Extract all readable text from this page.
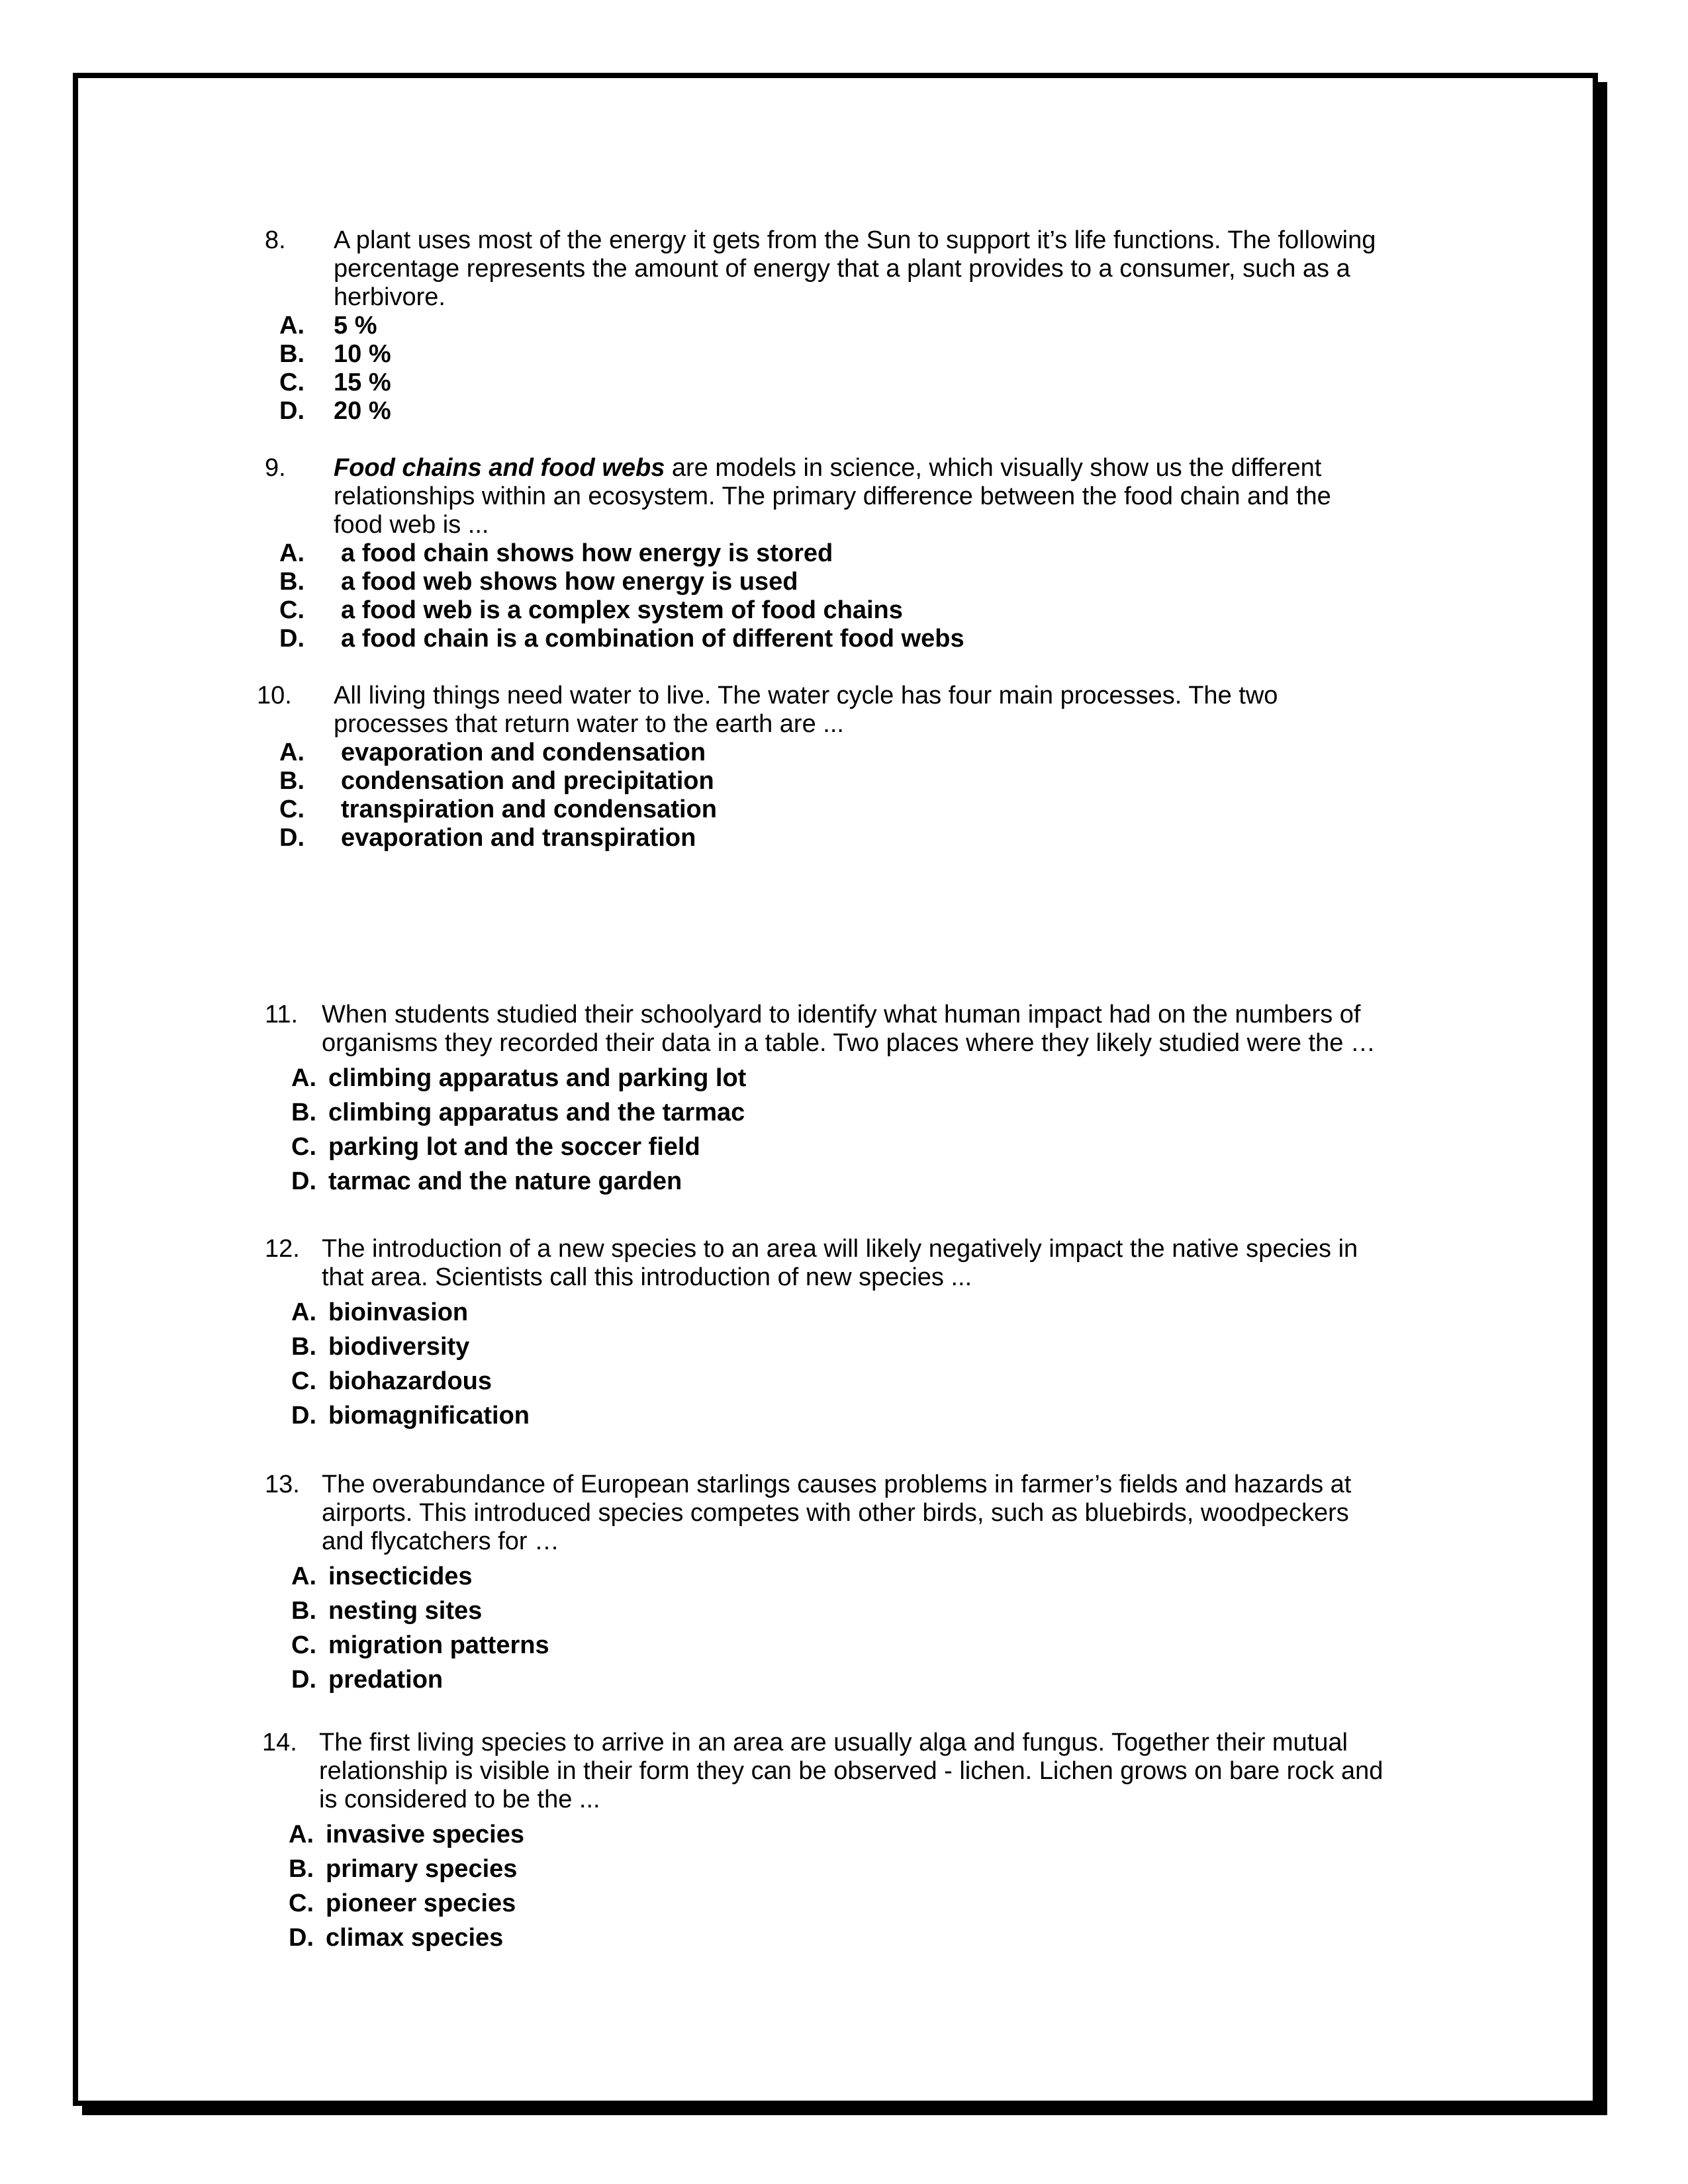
8. A plant uses most of the energy it gets from the Sun to support it’s life functions. The following percentage represents the amount of energy that a plant provides to a consumer, such as a herbivore.
A. 5 %
B. 10 %
C. 15 %
D. 20 %
9. Food chains and food webs are models in science, which visually show us the different relationships within an ecosystem. The primary difference between the food chain and the food web is ...
A. a food chain shows how energy is stored
B. a food web shows how energy is used
C. a food web is a complex system of food chains
D. a food chain is a combination of different food webs
10. All living things need water to live. The water cycle has four main processes. The two processes that return water to the earth are ...
A. evaporation and condensation
B. condensation and precipitation
C. transpiration and condensation
D. evaporation and transpiration
11. When students studied their schoolyard to identify what human impact had on the numbers of organisms they recorded their data in a table. Two places where they likely studied were the …
A. climbing apparatus and parking lot
B. climbing apparatus and the tarmac
C. parking lot and the soccer field
D. tarmac and the nature garden
12. The introduction of a new species to an area will likely negatively impact the native species in that area. Scientists call this introduction of new species ...
A. bioinvasion
B. biodiversity
C. biohazardous
D. biomagnification
13. The overabundance of European starlings causes problems in farmer’s fields and hazards at airports. This introduced species competes with other birds, such as bluebirds, woodpeckers and flycatchers for …
A. insecticides
B. nesting sites
C. migration patterns
D. predation
14. The first living species to arrive in an area are usually alga and fungus. Together their mutual relationship is visible in their form they can be observed - lichen. Lichen grows on bare rock and is considered to be the ...
A. invasive species
B. primary species
C. pioneer species
D. climax species
